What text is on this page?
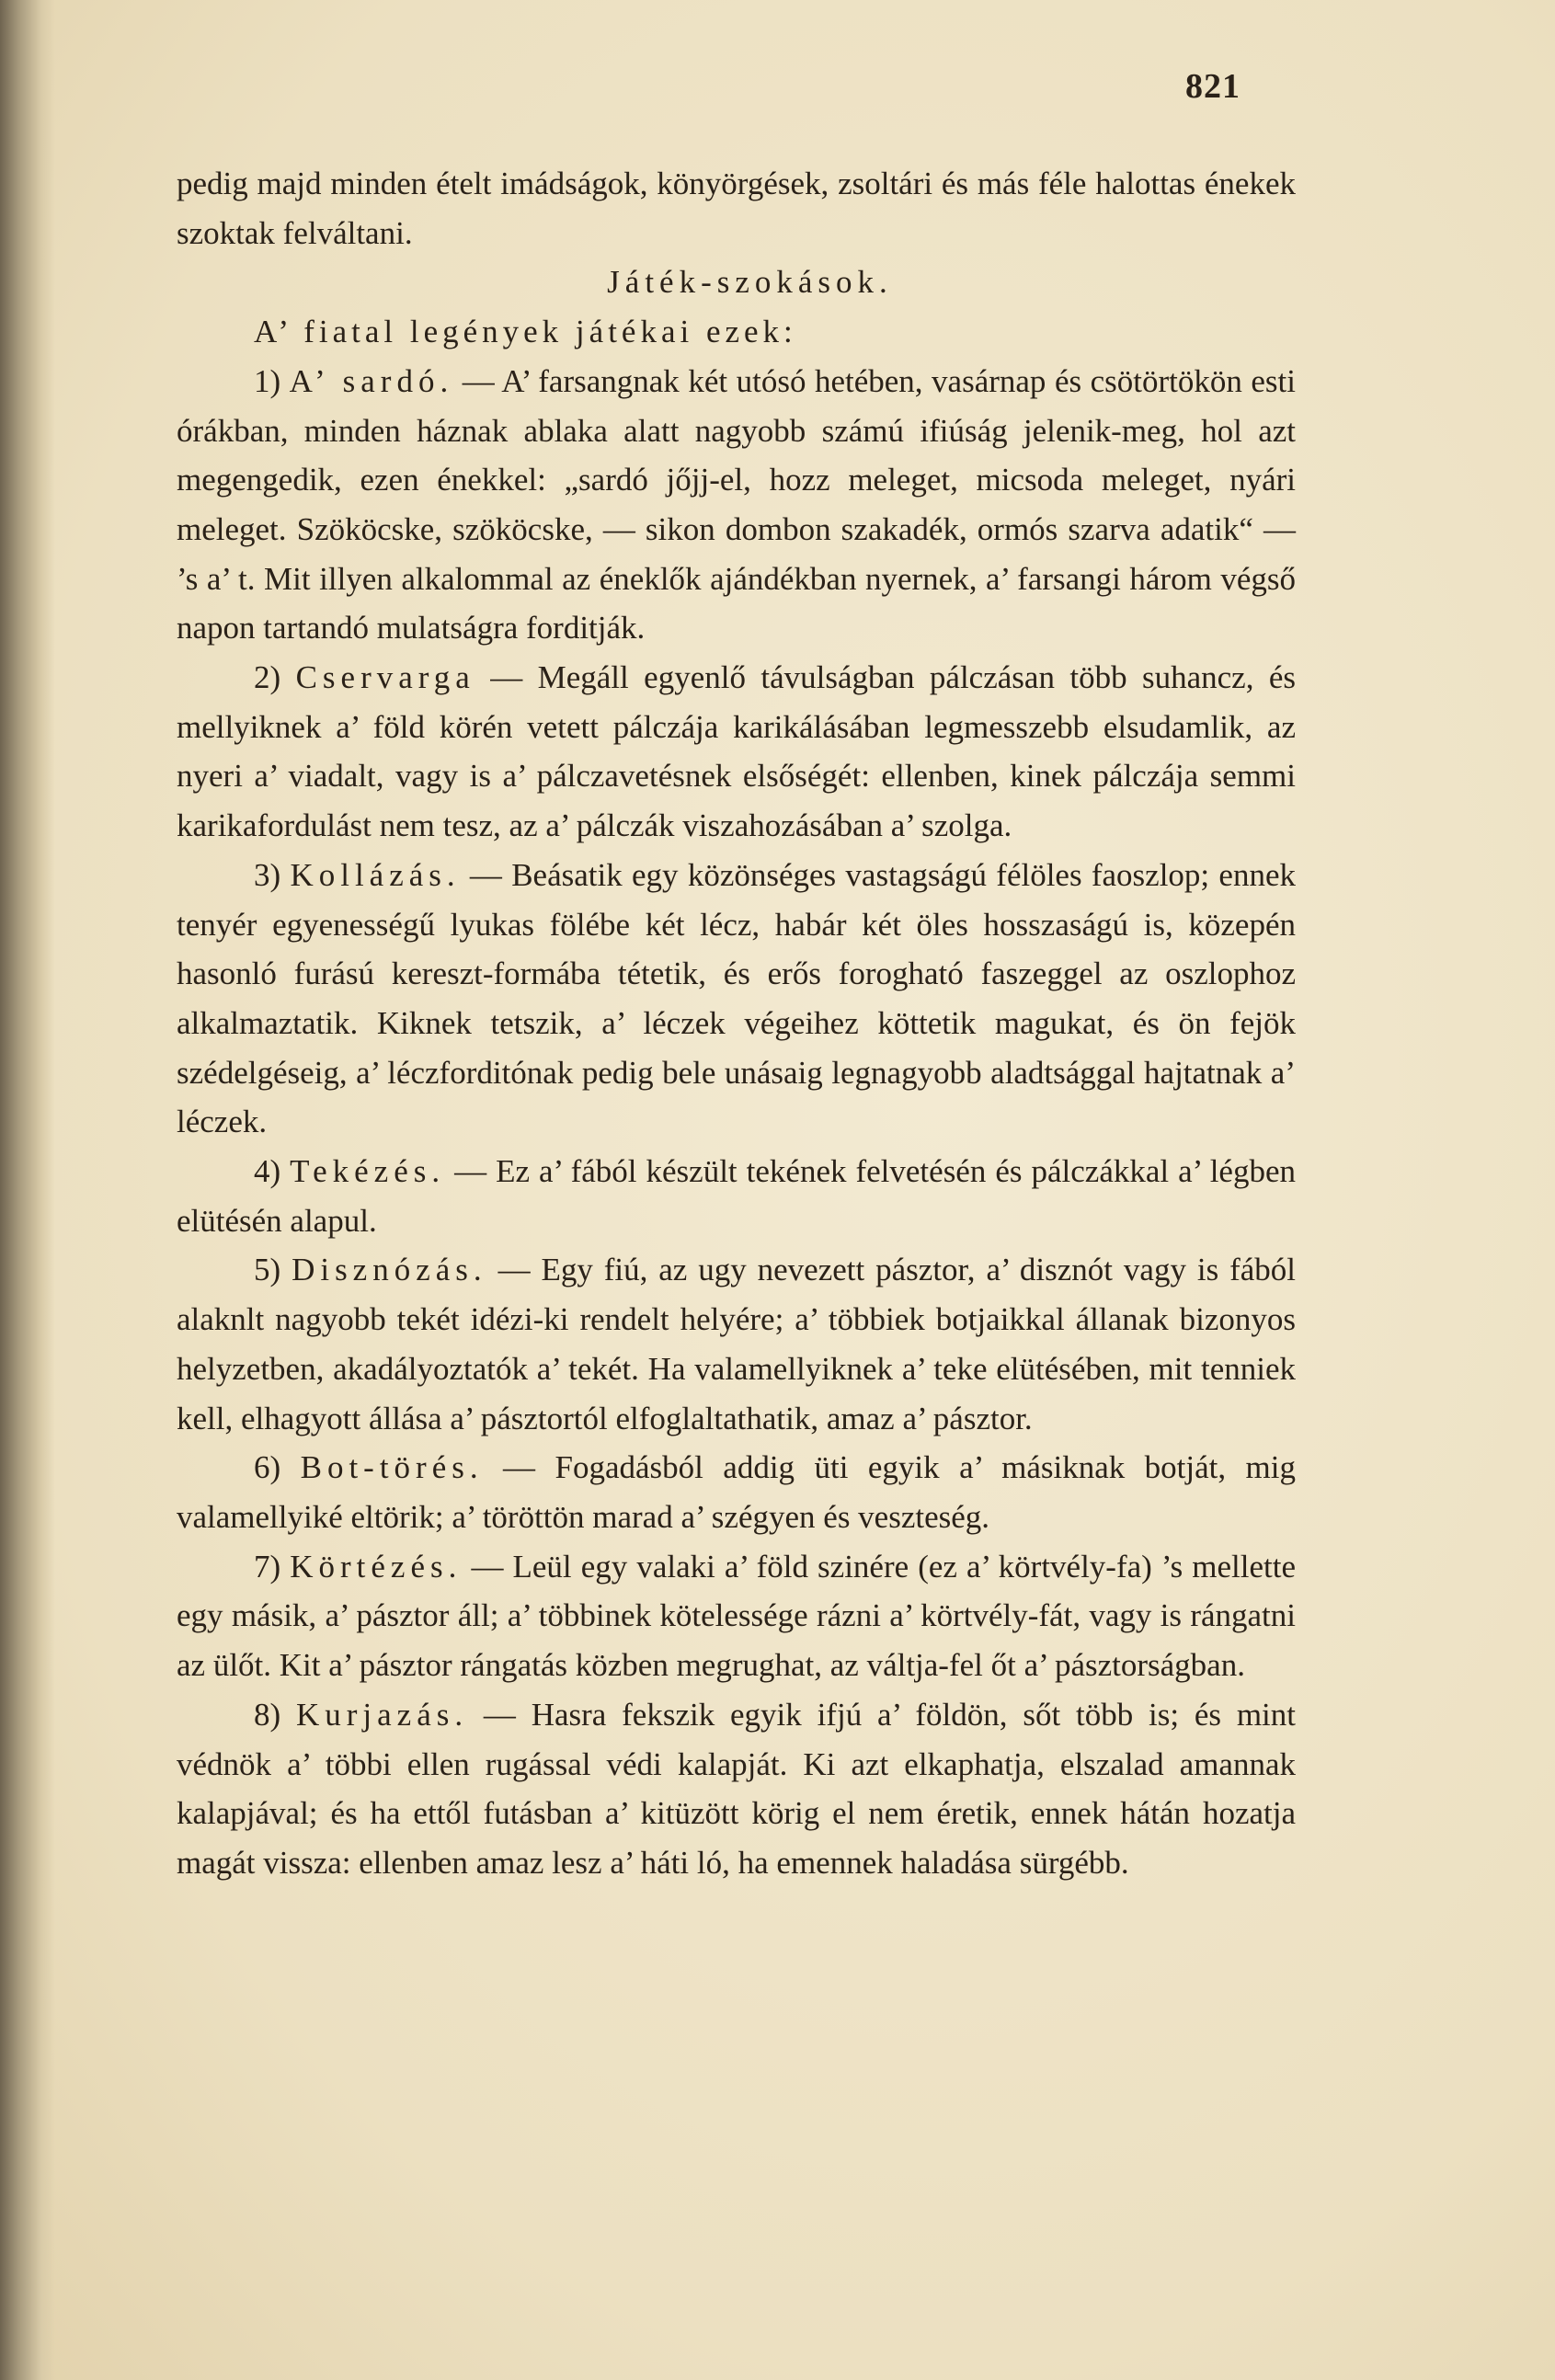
821

pedig majd minden ételt imádságok, könyörgések, zsoltári és más féle halottas énekek szoktak felváltani.

Játék-szokások.

A’ fiatal legények játékai ezek:

1) A’ sardó. — A’ farsangnak két utósó hetében, vasárnap és csötörtökön esti órákban, minden háznak ablaka alatt nagyobb számú ifiúság jelenik-meg, hol azt megengedik, ezen énekkel: „sardó jőjj-el, hozz meleget, micsoda meleget, nyári meleget. Szököcske, szököcske, — sikon dombon szakadék, ormós szarva adatik“ — ’s a’ t. Mit illyen alkalommal az éneklők ajándékban nyernek, a’ farsangi három végső napon tartandó mulatságra forditják.

2) Cservarga — Megáll egyenlő távulságban pálczásan több suhancz, és mellyiknek a’ föld körén vetett pálczája karikálásában legmesszebb elsudamlik, az nyeri a’ viadalt, vagy is a’ pálczavetésnek elsőségét: ellenben, kinek pálczája semmi karikafordulást nem tesz, az a’ pálczák viszahozásában a’ szolga.

3) Kollázás. — Beásatik egy közönséges vastagságú félöles faoszlop; ennek tenyér egyenességű lyukas fölébe két lécz, habár két öles hosszaságú is, közepén hasonló furású kereszt-formába tétetik, és erős forogható faszeggel az oszlophoz alkalmaztatik. Kiknek tetszik, a’ léczek végeihez köttetik magukat, és ön fejök szédelgéseig, a’ léczforditónak pedig bele unásaig legnagyobb aladtsággal hajtatnak a’ léczek.

4) Tekézés. — Ez a’ fából készült tekének felvetésén és pálczákkal a’ légben elütésén alapul.

5) Disznózás. — Egy fiú, az ugy nevezett pásztor, a’ disznót vagy is fából alaknlt nagyobb tekét idézi-ki rendelt helyére; a’ többiek botjaikkal állanak bizonyos helyzetben, akadályoztatók a’ tekét. Ha valamellyiknek a’ teke elütésében, mit tenniek kell, elhagyott állása a’ pásztortól elfoglaltathatik, amaz a’ pásztor.

6) Bot-törés. — Fogadásból addig üti egyik a’ másiknak botját, mig valamellyiké eltörik; a’ töröttön marad a’ szégyen és veszteség.

7) Körtézés. — Leül egy valaki a’ föld szinére (ez a’ körtvély-fa) ’s mellette egy másik, a’ pásztor áll; a’ többinek kötelessége rázni a’ körtvély-fát, vagy is rángatni az ülőt. Kit a’ pásztor rángatás közben megrughat, az váltja-fel őt a’ pásztorságban.

8) Kurjazás. — Hasra fekszik egyik ifjú a’ földön, sőt több is; és mint védnök a’ többi ellen rugással védi kalapját. Ki azt elkaphatja, elszalad amannak kalapjával; és ha ettől futásban a’ kitüzött körig el nem éretik, ennek hátán hozatja magát vissza: ellenben amaz lesz a’ háti ló, ha emennek haladása sürgébb.
